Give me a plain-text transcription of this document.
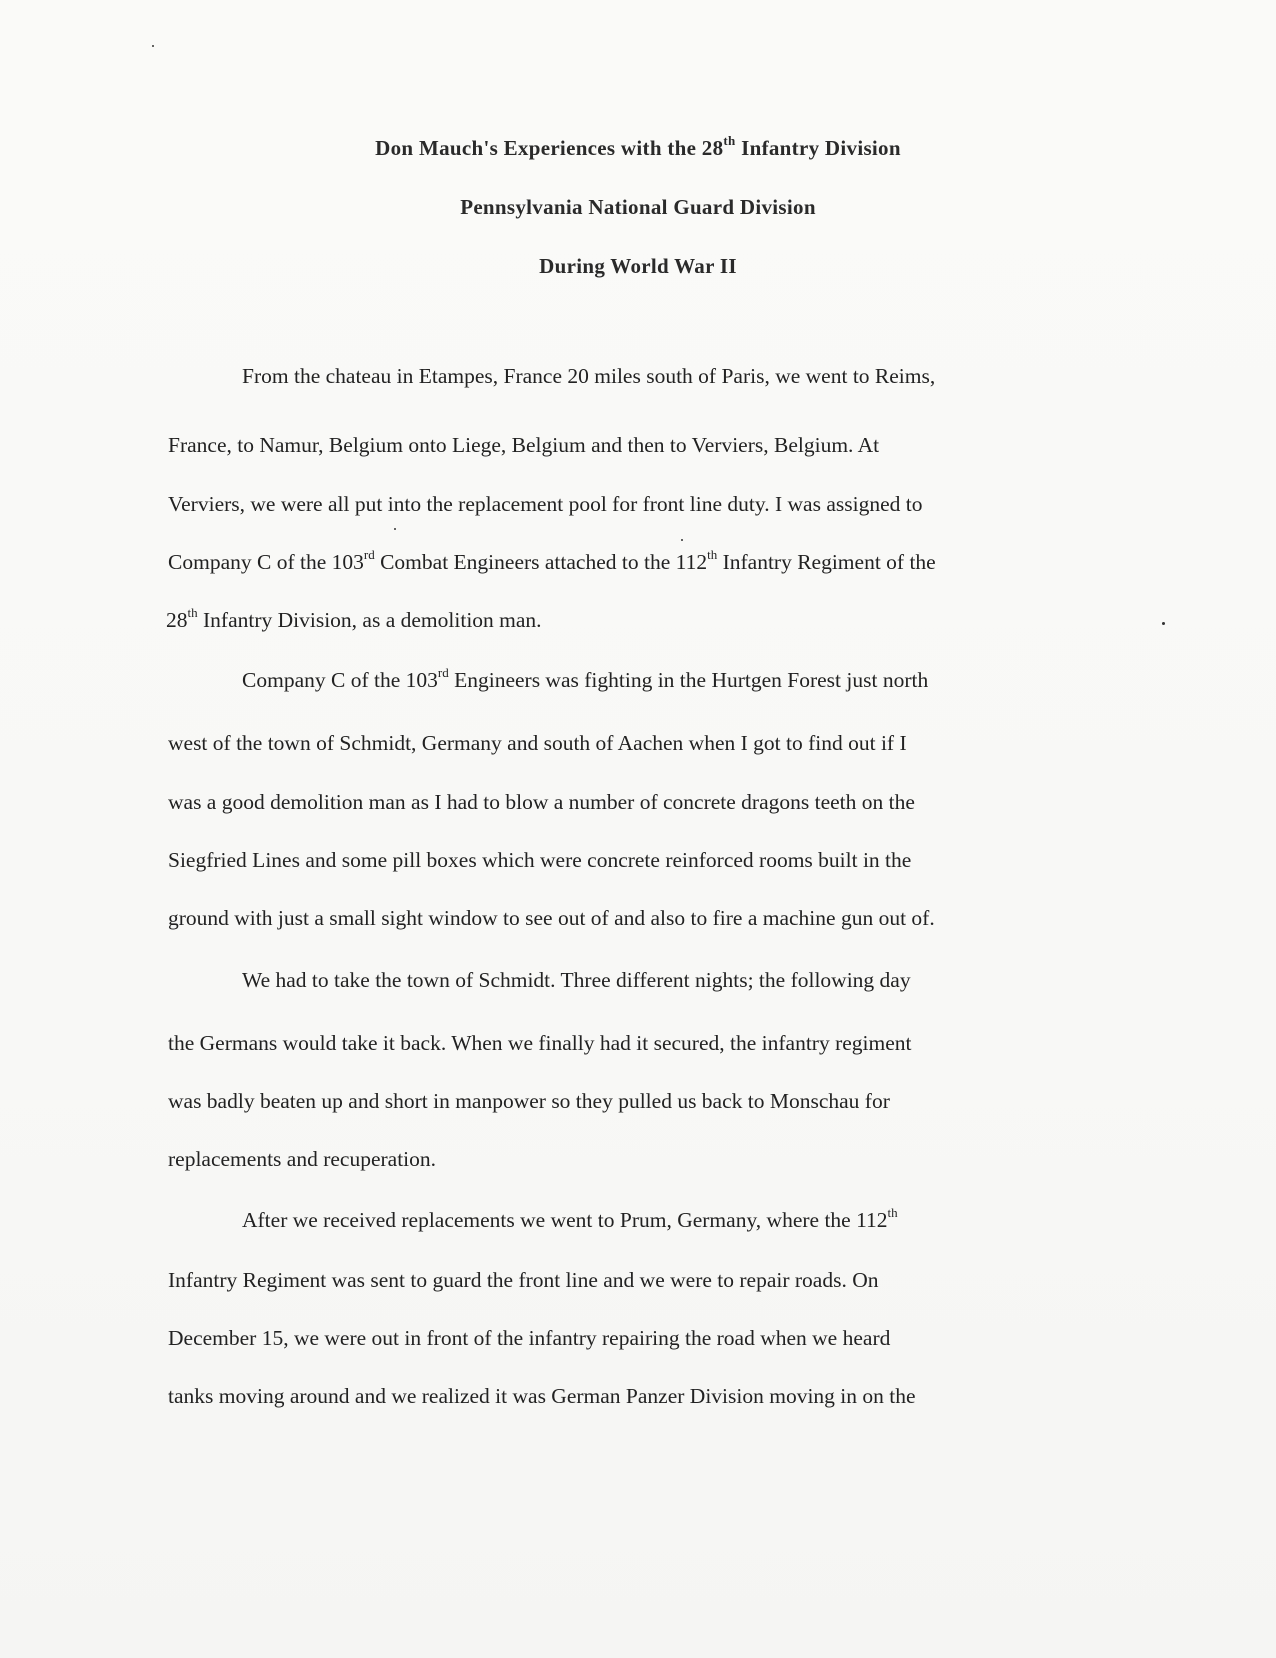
Don Mauch's Experiences with the 28th Infantry Division
Pennsylvania National Guard Division
During World War II
From the chateau in Etampes, France 20 miles south of Paris, we went to Reims,
France, to Namur, Belgium onto Liege, Belgium and then to Verviers, Belgium. At
Verviers, we were all put into the replacement pool for front line duty. I was assigned to
Company C of the 103rd Combat Engineers attached to the 112th Infantry Regiment of the
28th Infantry Division, as a demolition man.
Company C of the 103rd Engineers was fighting in the Hurtgen Forest just north
west of the town of Schmidt, Germany and south of Aachen when I got to find out if I
was a good demolition man as I had to blow a number of concrete dragons teeth on the
Siegfried Lines and some pill boxes which were concrete reinforced rooms built in the
ground with just a small sight window to see out of and also to fire a machine gun out of.
We had to take the town of Schmidt. Three different nights; the following day
the Germans would take it back. When we finally had it secured, the infantry regiment
was badly beaten up and short in manpower so they pulled us back to Monschau for
replacements and recuperation.
After we received replacements we went to Prum, Germany, where the 112th
Infantry Regiment was sent to guard the front line and we were to repair roads. On
December 15, we were out in front of the infantry repairing the road when we heard
tanks moving around and we realized it was German Panzer Division moving in on the
